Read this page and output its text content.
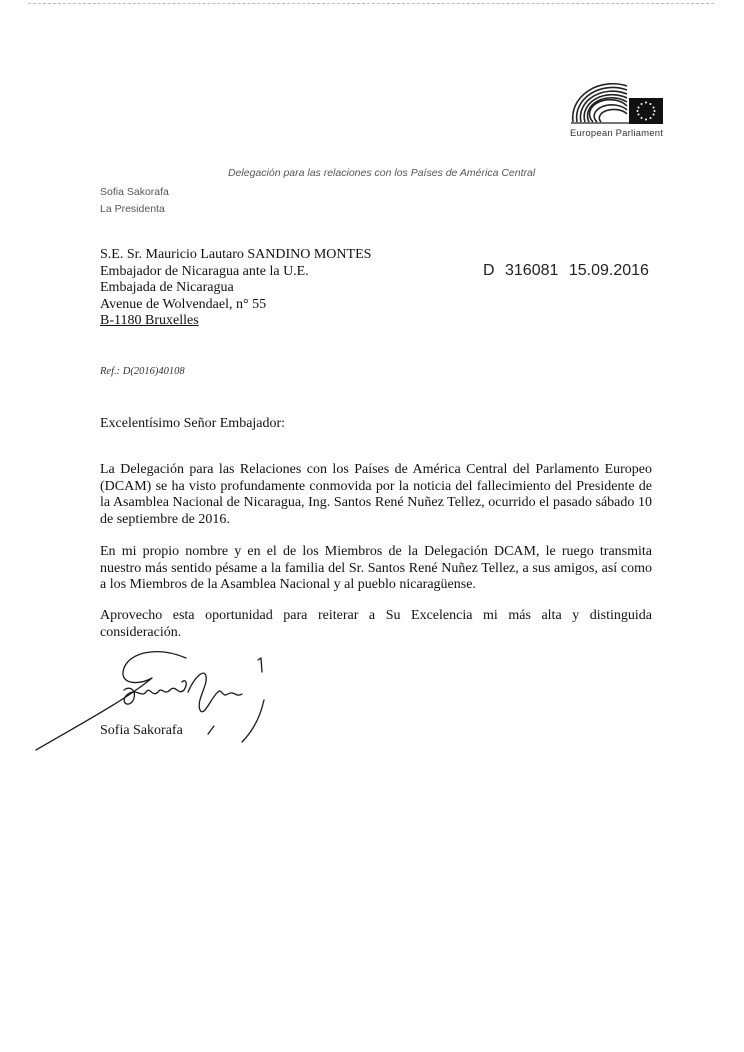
European Parliament
Delegación para las relaciones con los Países de América Central
Sofia Sakorafa
La Presidenta
S.E. Sr. Mauricio Lautaro SANDINO MONTES
Embajador de Nicaragua ante la U.E.
Embajada de Nicaragua
Avenue de Wolvendael, n° 55
B-1180 Bruxelles
D 316081 15.09.2016
Ref.: D(2016)40108
Excelentísimo Señor Embajador:
La Delegación para las Relaciones con los Países de América Central del Parlamento Europeo (DCAM) se ha visto profundamente conmovida por la noticia del fallecimiento del Presidente de la Asamblea Nacional de Nicaragua, Ing. Santos René Nuñez Tellez, ocurrido el pasado sábado 10 de septiembre de 2016.
En mi propio nombre y en el de los Miembros de la Delegación DCAM, le ruego transmita nuestro más sentido pésame a la familia del Sr. Santos René Nuñez Tellez, a sus amigos, así como a los Miembros de la Asamblea Nacional y al pueblo nicaragüense.
Aprovecho esta oportunidad para reiterar a Su Excelencia mi más alta y distinguida consideración.
Sofia Sakorafa
